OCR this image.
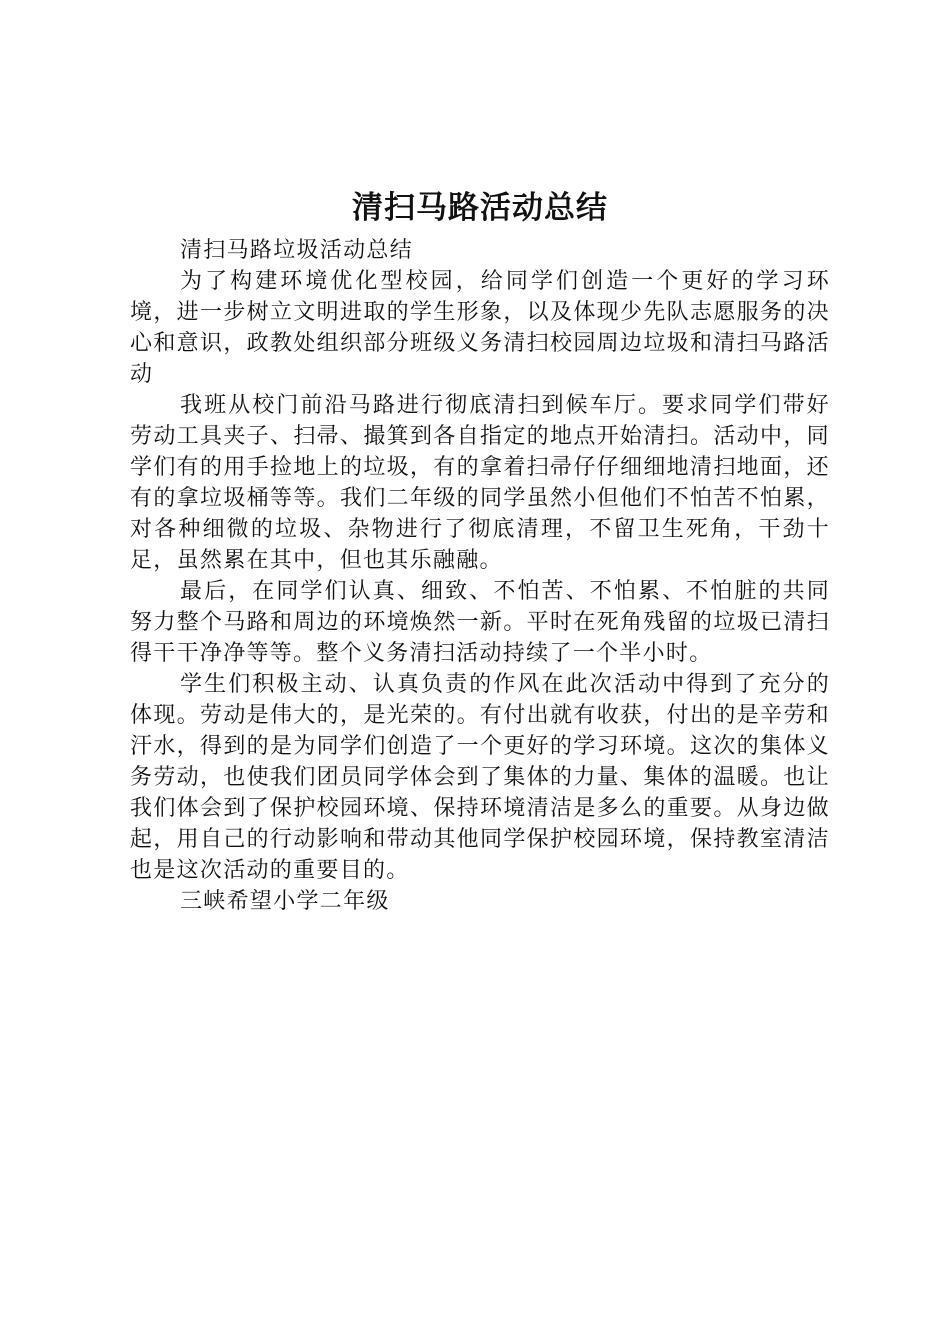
清扫马路活动总结

清扫马路垃圾活动总结

为了构建环境优化型校园，给同学们创造一个更好的学习环境，进一步树立文明进取的学生形象，以及体现少先队志愿服务的决心和意识，政教处组织部分班级义务清扫校园周边垃圾和清扫马路活动

我班从校门前沿马路进行彻底清扫到候车厅。要求同学们带好劳动工具夹子、扫帚、撮箕到各自指定的地点开始清扫。活动中，同学们有的用手捡地上的垃圾，有的拿着扫帚仔仔细细地清扫地面，还有的拿垃圾桶等等。我们二年级的同学虽然小但他们不怕苦不怕累，对各种细微的垃圾、杂物进行了彻底清理，不留卫生死角，干劲十足，虽然累在其中，但也其乐融融。

最后，在同学们认真、细致、不怕苦、不怕累、不怕脏的共同努力整个马路和周边的环境焕然一新。平时在死角残留的垃圾已清扫得干干净净等等。整个义务清扫活动持续了一个半小时。

学生们积极主动、认真负责的作风在此次活动中得到了充分的体现。劳动是伟大的，是光荣的。有付出就有收获，付出的是辛劳和汗水，得到的是为同学们创造了一个更好的学习环境。这次的集体义务劳动，也使我们团员同学体会到了集体的力量、集体的温暖。也让我们体会到了保护校园环境、保持环境清洁是多么的重要。从身边做起，用自己的行动影响和带动其他同学保护校园环境，保持教室清洁也是这次活动的重要目的。

三峡希望小学二年级
